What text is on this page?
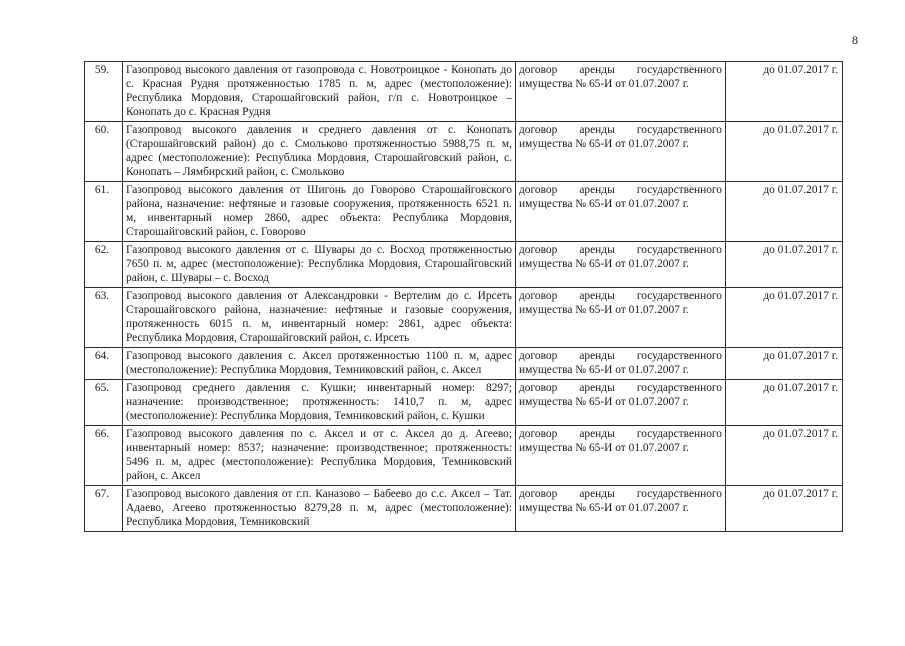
8
59.	Газопровод высокого давления от газопровода с. Новотроицкое - Конопать до с. Красная Рудня протяженностью 1785 п. м, адрес (местоположение): Республика Мордовия, Старошайговский район, г/п с. Новотроицкое – Конопать до с. Красная Рудня	договор аренды государственного имущества № 65-И от 01.07.2007 г.	до 01.07.2017 г.
60.	Газопровод высокого давления и среднего давления от с. Конопать (Старошайговский район) до с. Смольково протяженностью 5988,75 п. м, адрес (местоположение): Республика Мордовия, Старошайговский район, с. Конопать – Лямбирский район, с. Смольково	договор аренды государственного имущества № 65-И от 01.07.2007 г.	до 01.07.2017 г.
61.	Газопровод высокого давления от Шигонь до Говорово Старошайговского района, назначение: нефтяные и газовые сооружения, протяженность 6521 п. м, инвентарный номер 2860, адрес объекта: Республика Мордовия, Старошайговский район, с. Говорово	договор аренды государственного имущества № 65-И от 01.07.2007 г.	до 01.07.2017 г.
62.	Газопровод высокого давления от с. Шувары до с. Восход протяженностью 7650 п. м, адрес (местоположение): Республика Мордовия, Старошайговский район, с. Шувары – с. Восход	договор аренды государственного имущества № 65-И от 01.07.2007 г.	до 01.07.2017 г.
63.	Газопровод высокого давления от Александровки - Вертелим до с. Ирсеть Старошайговского района, назначение: нефтяные и газовые сооружения, протяженность 6015 п. м, инвентарный номер: 2861, адрес объекта: Республика Мордовия, Старошайговский район, с. Ирсеть	договор аренды государственного имущества № 65-И от 01.07.2007 г.	до 01.07.2017 г.
64.	Газопровод высокого давления с. Аксел протяженностью 1100 п. м, адрес (местоположение): Республика Мордовия, Темниковский район, с. Аксел	договор аренды государственного имущества № 65-И от 01.07.2007 г.	до 01.07.2017 г.
65.	Газопровод среднего давления с. Кушки; инвентарный номер: 8297; назначение: производственное; протяженность: 1410,7 п. м, адрес (местоположение): Республика Мордовия, Темниковский район, с. Кушки	договор аренды государственного имущества № 65-И от 01.07.2007 г.	до 01.07.2017 г.
66.	Газопровод высокого давления по с. Аксел и от с. Аксел до д. Агеево; инвентарный номер: 8537; назначение: производственное; протяженность: 5496 п. м, адрес (местоположение): Республика Мордовия, Темниковский район, с. Аксел	договор аренды государственного имущества № 65-И от 01.07.2007 г.	до 01.07.2017 г.
67.	Газопровод высокого давления от г.п. Каназово – Бабеево до с.с. Аксел – Тат. Адаево, Агеево протяженностью 8279,28 п. м, адрес (местоположение): Республика Мордовия, Темниковский	договор аренды государственного имущества № 65-И от 01.07.2007 г.	до 01.07.2017 г.
